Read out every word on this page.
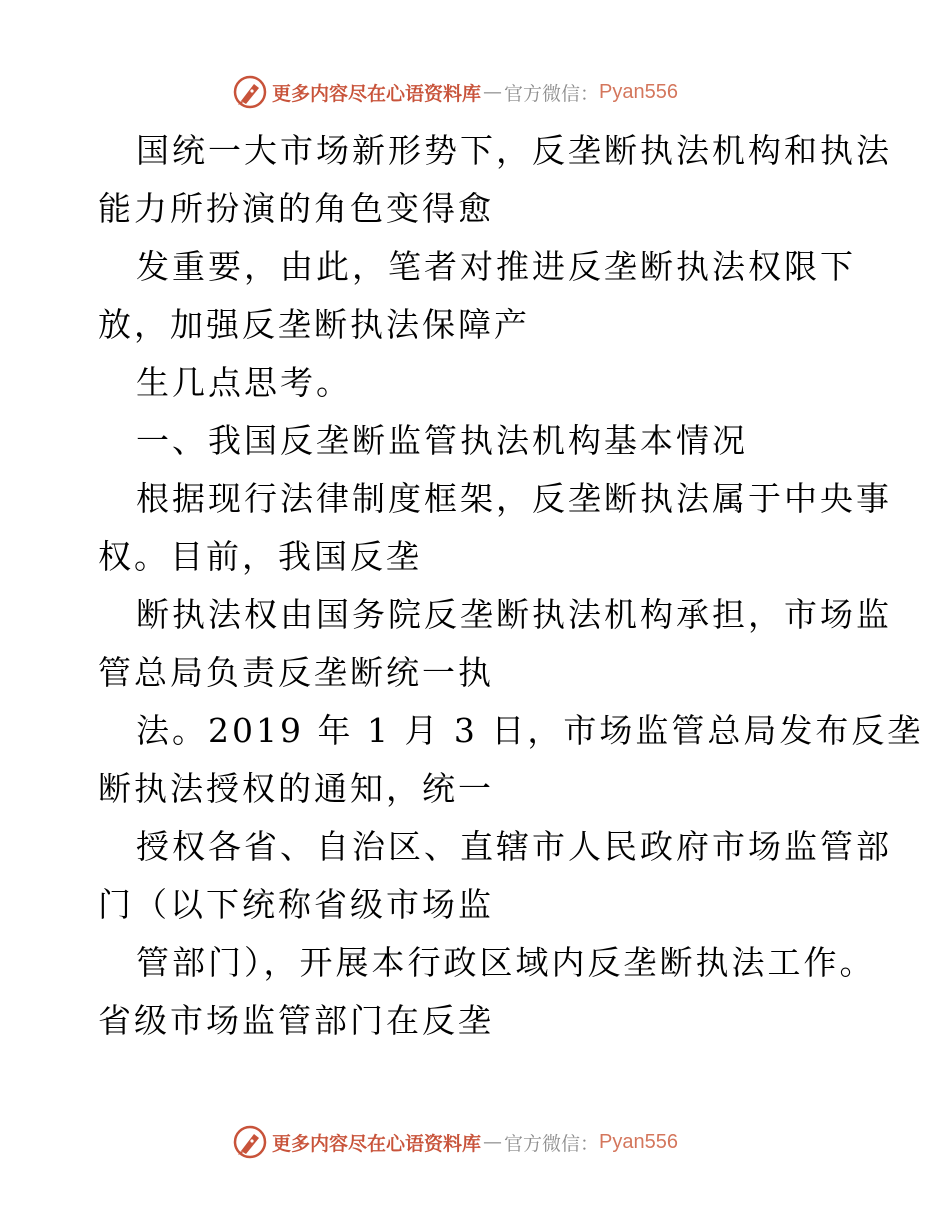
更多内容尽在心语资料库 — 官方微信： Pyan556
国统一大市场新形势下，反垄断执法机构和执法
能力所扮演的角色变得愈
发重要，由此，笔者对推进反垄断执法权限下
放，加强反垄断执法保障产
生几点思考。
一、我国反垄断监管执法机构基本情况
根据现行法律制度框架，反垄断执法属于中央事
权。目前，我国反垄
断执法权由国务院反垄断执法机构承担，市场监
管总局负责反垄断统一执
法。2019 年 1 月 3 日，市场监管总局发布反垄
断执法授权的通知，统一
授权各省、自治区、直辖市人民政府市场监管部
门（以下统称省级市场监
管部门），开展本行政区域内反垄断执法工作。
省级市场监管部门在反垄
更多内容尽在心语资料库 — 官方微信： Pyan556
